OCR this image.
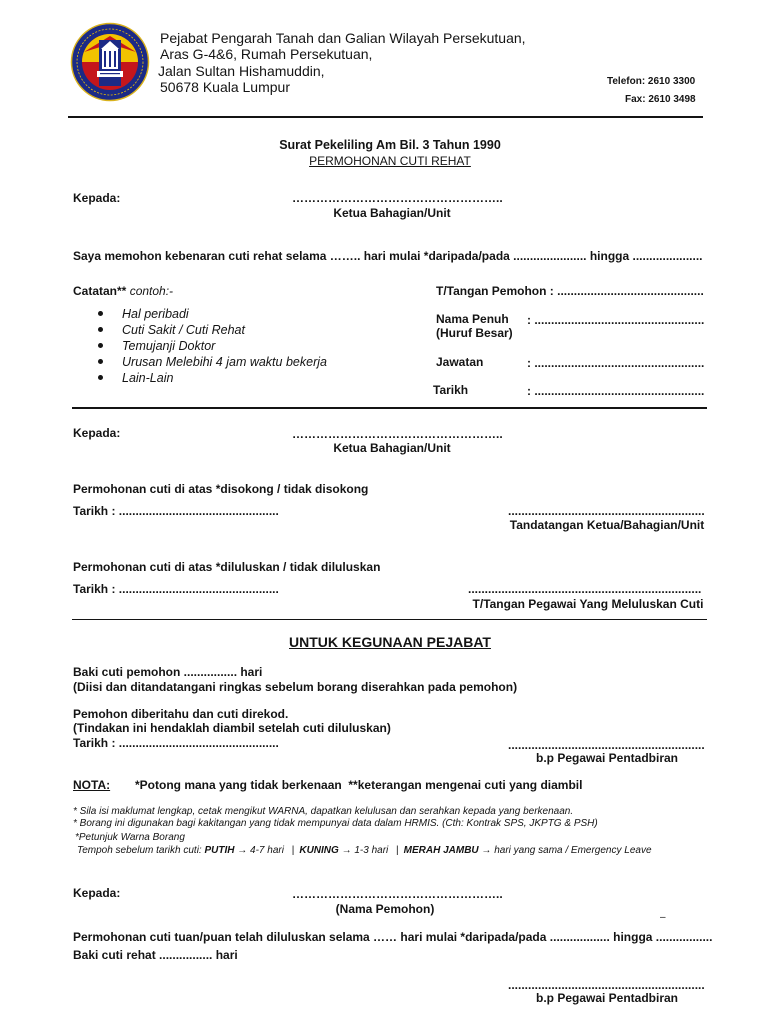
Pejabat Pengarah Tanah dan Galian Wilayah Persekutuan,
Aras G-4&6, Rumah Persekutuan,
Jalan Sultan Hishamuddin,
50678 Kuala Lumpur	Telefon: 2610 3300
Fax: 2610 3498
Surat Pekeliling Am Bil. 3 Tahun 1990
PERMOHONAN CUTI REHAT
Kepada:	……………………………………………..
Ketua Bahagian/Unit
Saya memohon kebenaran cuti rehat selama …….. hari mulai *daripada/pada ...................... hingga .....................
Catatan** contoh:-
Hal peribadi
Cuti Sakit / Cuti Rehat
Temujanji Doktor
Urusan Melebihi 4 jam waktu bekerja
Lain-Lain
T/Tangan Pemohon : ............................................
Nama Penuh
(Huruf Besar)
: ...................................................
Jawatan	: ...................................................
Tarikh	: ...................................................
Kepada:	……………………………………………..
Ketua Bahagian/Unit
Permohonan cuti di atas *disokong / tidak disokong
Tarikh : ................................................	...........................................................
Tandatangan Ketua/Bahagian/Unit
Permohonan cuti di atas *diluluskan / tidak diluluskan
Tarikh : ................................................	......................................................................
T/Tangan Pegawai Yang Meluluskan Cuti
UNTUK KEGUNAAN PEJABAT
Baki cuti pemohon ................ hari
(Diisi dan ditandatangani ringkas sebelum borang diserahkan pada pemohon)
Pemohon diberitahu dan cuti direkod.
(Tindakan ini hendaklah diambil setelah cuti diluluskan)
Tarikh : ................................................	...........................................................
b.p Pegawai Pentadbiran
NOTA: *Potong mana yang tidak berkenaan  **keterangan mengenai cuti yang diambil
* Sila isi maklumat lengkap, cetak mengikut WARNA, dapatkan kelulusan dan serahkan kepada yang berkenaan.
* Borang ini digunakan bagi kakitangan yang tidak mempunyai data dalam HRMIS. (Cth: Kontrak SPS, JKPTG & PSH)
*Petunjuk Warna Borang
Tempoh sebelum tarikh cuti: PUTIH → 4-7 hari | KUNING → 1-3 hari | MERAH JAMBU → hari yang sama / Emergency Leave
Kepada:	……………………………………………..
(Nama Pemohon)
–
Permohonan cuti tuan/puan telah diluluskan selama …… hari mulai *daripada/pada .................. hingga .................
Baki cuti rehat ................ hari
...........................................................
b.p Pegawai Pentadbiran
